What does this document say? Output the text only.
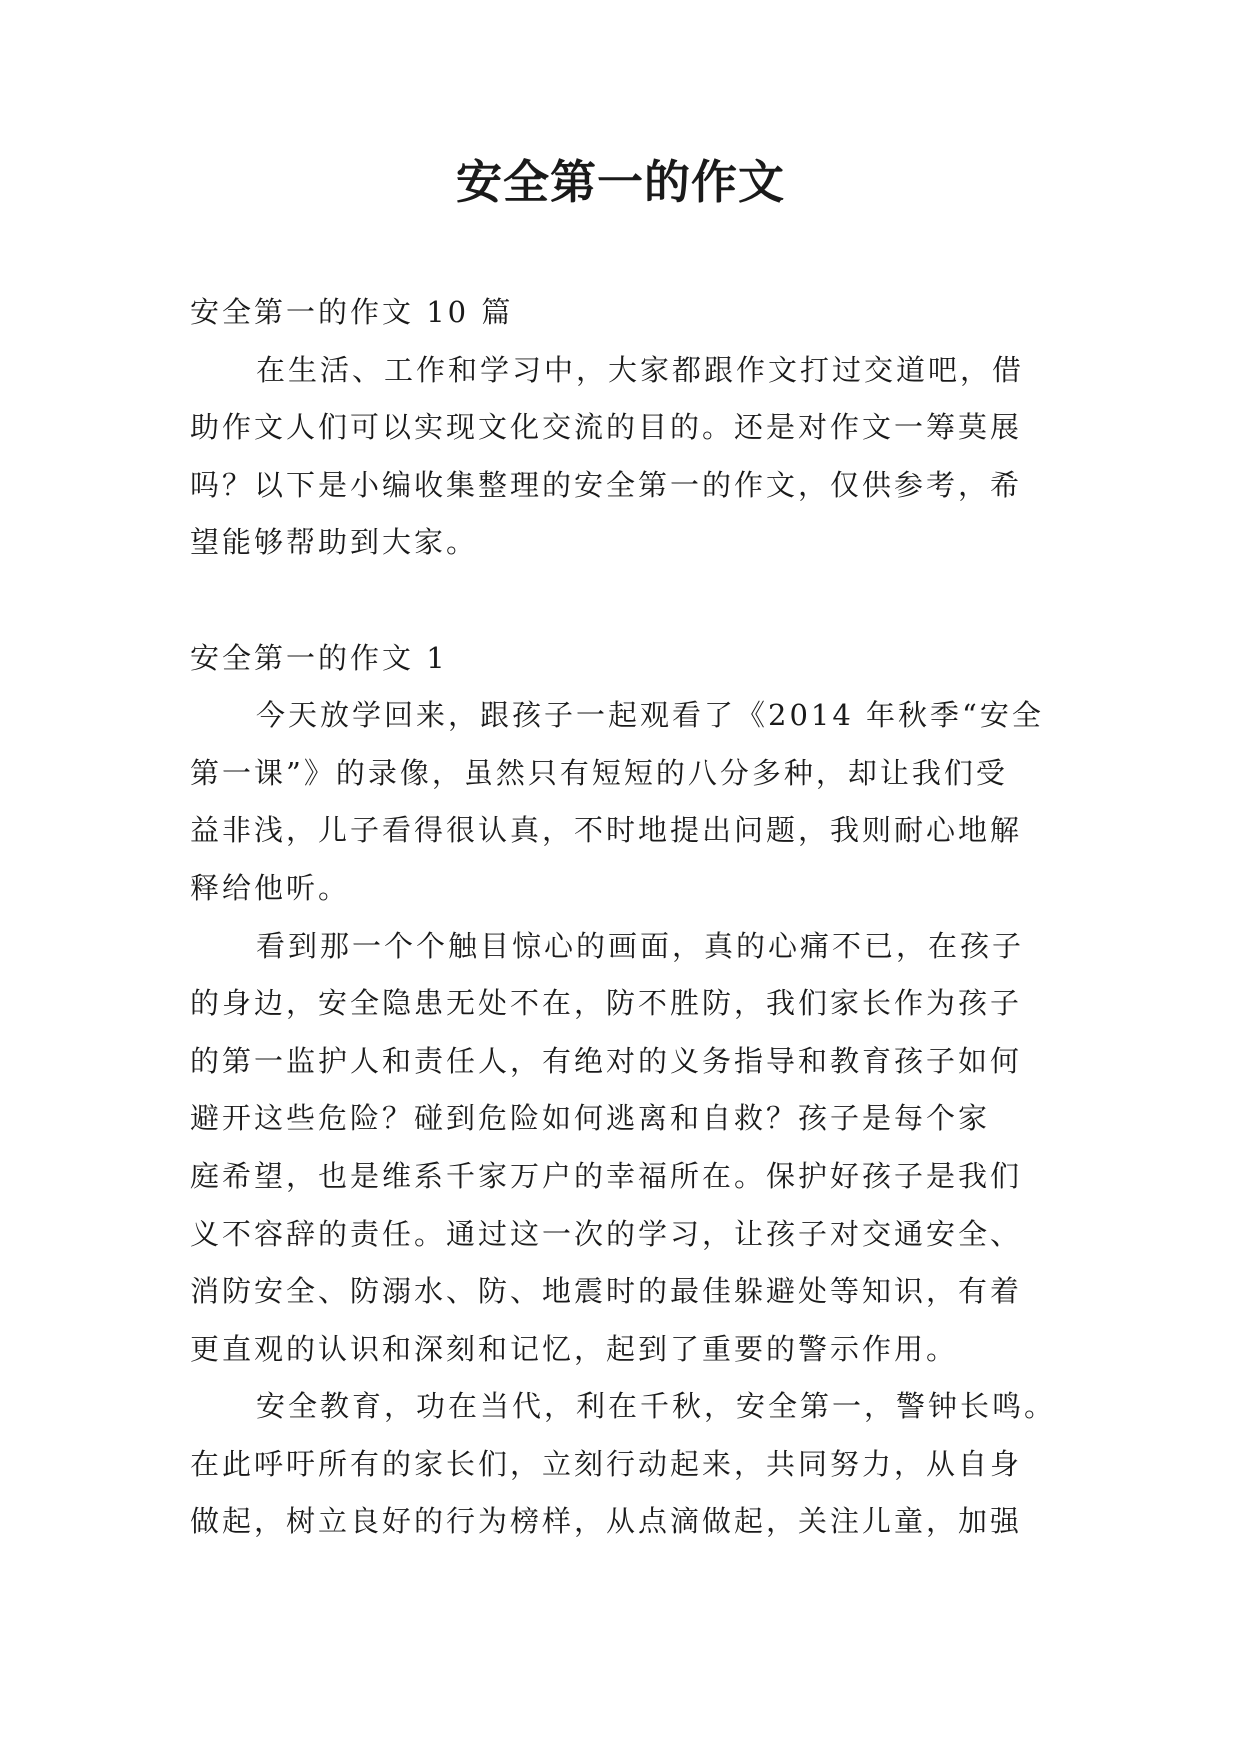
安全第一的作文
安全第一的作文 10 篇
在生活、工作和学习中，大家都跟作文打过交道吧，借
助作文人们可以实现文化交流的目的。还是对作文一筹莫展
吗？以下是小编收集整理的安全第一的作文，仅供参考，希
望能够帮助到大家。
安全第一的作文 1
今天放学回来，跟孩子一起观看了《2014 年秋季“安全
第一课”》的录像，虽然只有短短的八分多种，却让我们受
益非浅，儿子看得很认真，不时地提出问题，我则耐心地解
释给他听。
看到那一个个触目惊心的画面，真的心痛不已，在孩子
的身边，安全隐患无处不在，防不胜防，我们家长作为孩子
的第一监护人和责任人，有绝对的义务指导和教育孩子如何
避开这些危险？碰到危险如何逃离和自救？孩子是每个家
庭希望，也是维系千家万户的幸福所在。保护好孩子是我们
义不容辞的责任。通过这一次的学习，让孩子对交通安全、
消防安全、防溺水、防、地震时的最佳躲避处等知识，有着
更直观的认识和深刻和记忆，起到了重要的警示作用。
安全教育，功在当代，利在千秋，安全第一，警钟长鸣。
在此呼吁所有的家长们，立刻行动起来，共同努力，从自身
做起，树立良好的行为榜样，从点滴做起，关注儿童，加强
